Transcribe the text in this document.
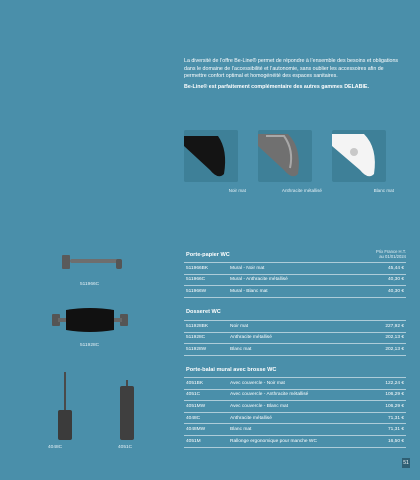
La diversité de l’offre Be-Line® permet de répondre à l’ensemble des besoins et obligations dans le domaine de l’accessibilité et l’autonomie, sans oublier les accessoires afin de permettre confort optimal et homogénéité des espaces sanitaires.

Be-Line® est parfaitement complémentaire des autres gammes DELABIE.

Noir mat	Anthracite métallisé	Blanc mat
511966C
511928C
4048C	4051C
Prix France H.T.
au 01/01/2024
Porte-papier WC
511966BK	Mural - Noir mat	45,44 €
511966C	Mural - Anthracite métallisé	40,30 €
511966W	Mural - Blanc mat	40,30 €
Dosseret WC
511928BK	Noir mat	227,92 €
511928C	Anthracite métallisé	202,13 €
511928W	Blanc mat	202,13 €
Porte-balai mural avec brosse WC
4051BK	Avec couvercle - Noir mat	122,24 €
4051C	Avec couvercle - Anthracite métallisé	106,29 €
4051MW	Avec couvercle - Blanc mat	106,29 €
4048C	Anthracite métallisé	71,31 €
4048MW	Blanc mat	71,31 €
4051M	Rallonge ergonomique pour manche WC	16,50 €
51
